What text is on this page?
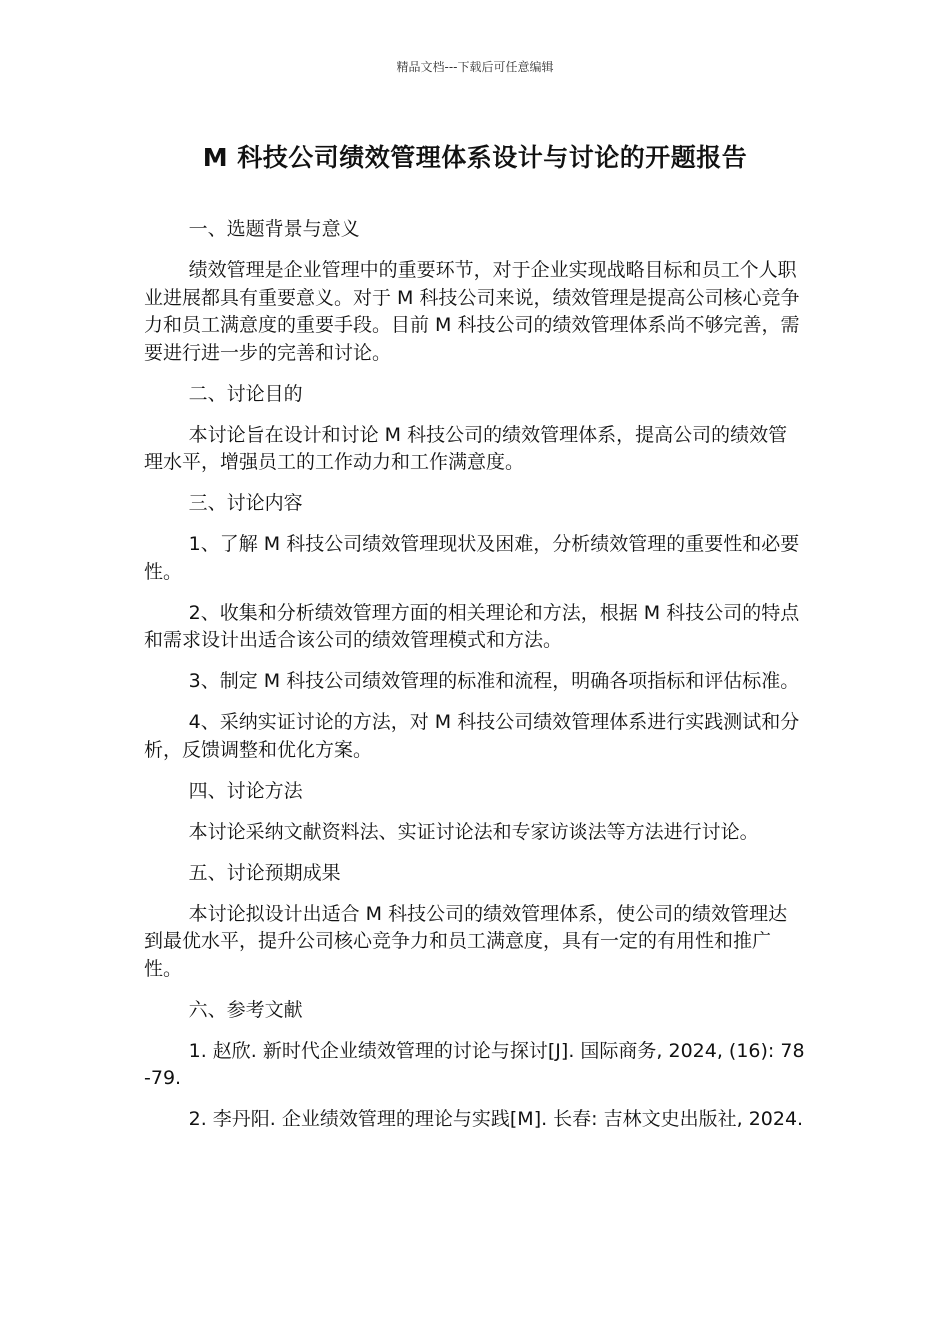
精品文档---下载后可任意编辑
M 科技公司绩效管理体系设计与讨论的开题报告

一、选题背景与意义

绩效管理是企业管理中的重要环节，对于企业实现战略目标和员工个人职业进展都具有重要意义。对于 M 科技公司来说，绩效管理是提高公司核心竞争力和员工满意度的重要手段。目前 M 科技公司的绩效管理体系尚不够完善，需要进行进一步的完善和讨论。

二、讨论目的

本讨论旨在设计和讨论 M 科技公司的绩效管理体系，提高公司的绩效管理水平，增强员工的工作动力和工作满意度。

三、讨论内容

1、了解 M 科技公司绩效管理现状及困难，分析绩效管理的重要性和必要性。

2、收集和分析绩效管理方面的相关理论和方法，根据 M 科技公司的特点和需求设计出适合该公司的绩效管理模式和方法。

3、制定 M 科技公司绩效管理的标准和流程，明确各项指标和评估标准。

4、采纳实证讨论的方法，对 M 科技公司绩效管理体系进行实践测试和分析，反馈调整和优化方案。

四、讨论方法

本讨论采纳文献资料法、实证讨论法和专家访谈法等方法进行讨论。

五、讨论预期成果

本讨论拟设计出适合 M 科技公司的绩效管理体系，使公司的绩效管理达到最优水平，提升公司核心竞争力和员工满意度，具有一定的有用性和推广性。

六、参考文献

1. 赵欣. 新时代企业绩效管理的讨论与探讨[J]. 国际商务, 2024, (16): 78-79.

2. 李丹阳. 企业绩效管理的理论与实践[M]. 长春: 吉林文史出版社, 2024.
